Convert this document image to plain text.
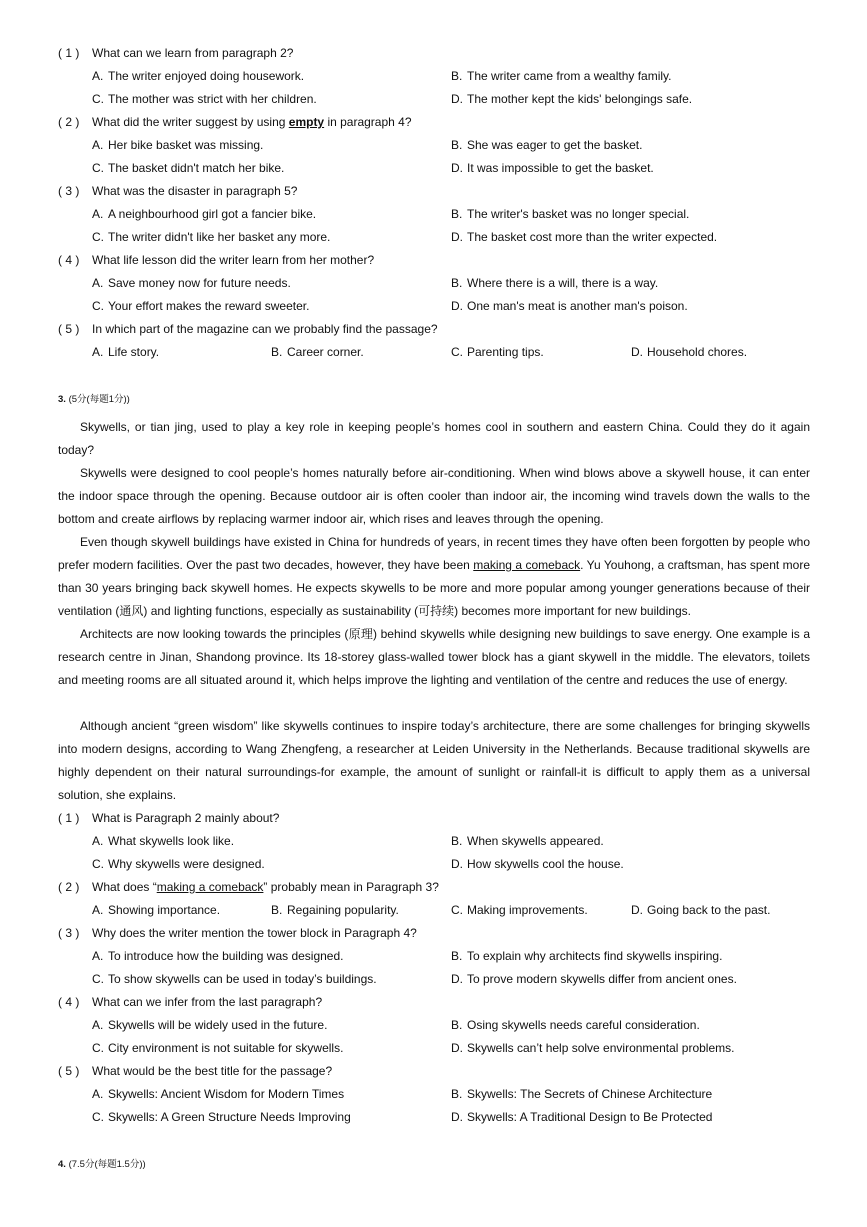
( 1 ) What can we learn from paragraph 2?
A. The writer enjoyed doing housework.	B. The writer came from a wealthy family.
C. The mother was strict with her children.	D. The mother kept the kids' belongings safe.
( 2 ) What did the writer suggest by using empty in paragraph 4?
A. Her bike basket was missing.	B. She was eager to get the basket.
C. The basket didn't match her bike.	D. It was impossible to get the basket.
( 3 ) What was the disaster in paragraph 5?
A. A neighbourhood girl got a fancier bike.	B. The writer's basket was no longer special.
C. The writer didn't like her basket any more.	D. The basket cost more than the writer expected.
( 4 ) What life lesson did the writer learn from her mother?
A. Save money now for future needs.	B. Where there is a will, there is a way.
C. Your effort makes the reward sweeter.	D. One man's meat is another man's poison.
( 5 ) In which part of the magazine can we probably find the passage?
A. Life story.	B. Career corner.	C. Parenting tips.	D. Household chores.
3. (5分(每题1分))
Skywells, or tian jing, used to play a key role in keeping people’s homes cool in southern and eastern China. Could they do it again today?
Skywells were designed to cool people’s homes naturally before air-conditioning. When wind blows above a skywell house, it can enter the indoor space through the opening. Because outdoor air is often cooler than indoor air, the incoming wind travels down the walls to the bottom and create airflows by replacing warmer indoor air, which rises and leaves through the opening.
Even though skywell buildings have existed in China for hundreds of years, in recent times they have often been forgotten by people who prefer modern facilities. Over the past two decades, however, they have been making a comeback. Yu Youhong, a craftsman, has spent more than 30 years bringing back skywell homes. He expects skywells to be more and more popular among younger generations because of their ventilation (通风) and lighting functions, especially as sustainability (可持续) becomes more important for new buildings.
Architects are now looking towards the principles (原理) behind skywells while designing new buildings to save energy. One example is a research centre in Jinan, Shandong province. Its 18-storey glass-walled tower block has a giant skywell in the middle. The elevators, toilets and meeting rooms are all situated around it, which helps improve the lighting and ventilation of the centre and reduces the use of energy.
Although ancient “green wisdom” like skywells continues to inspire today’s architecture, there are some challenges for bringing skywells into modern designs, according to Wang Zhengfeng, a researcher at Leiden University in the Netherlands. Because traditional skywells are highly dependent on their natural surroundings-for example, the amount of sunlight or rainfall-it is difficult to apply them as a universal solution, she explains.
( 1 ) What is Paragraph 2 mainly about?
A. What skywells look like.	B. When skywells appeared.
C. Why skywells were designed.	D. How skywells cool the house.
( 2 ) What does “making a comeback” probably mean in Paragraph 3?
A. Showing importance.	B. Regaining popularity.	C. Making improvements.	D. Going back to the past.
( 3 ) Why does the writer mention the tower block in Paragraph 4?
A. To introduce how the building was designed.	B. To explain why architects find skywells inspiring.
C. To show skywells can be used in today’s buildings.	D. To prove modern skywells differ from ancient ones.
( 4 ) What can we infer from the last paragraph?
A. Skywells will be widely used in the future.	B. Osing skywells needs careful consideration.
C. City environment is not suitable for skywells.	D. Skywells can’t help solve environmental problems.
( 5 ) What would be the best title for the passage?
A. Skywells: Ancient Wisdom for Modern Times	B. Skywells: The Secrets of Chinese Architecture
C. Skywells: A Green Structure Needs Improving	D. Skywells: A Traditional Design to Be Protected
4. (7.5分(每题1.5分))
